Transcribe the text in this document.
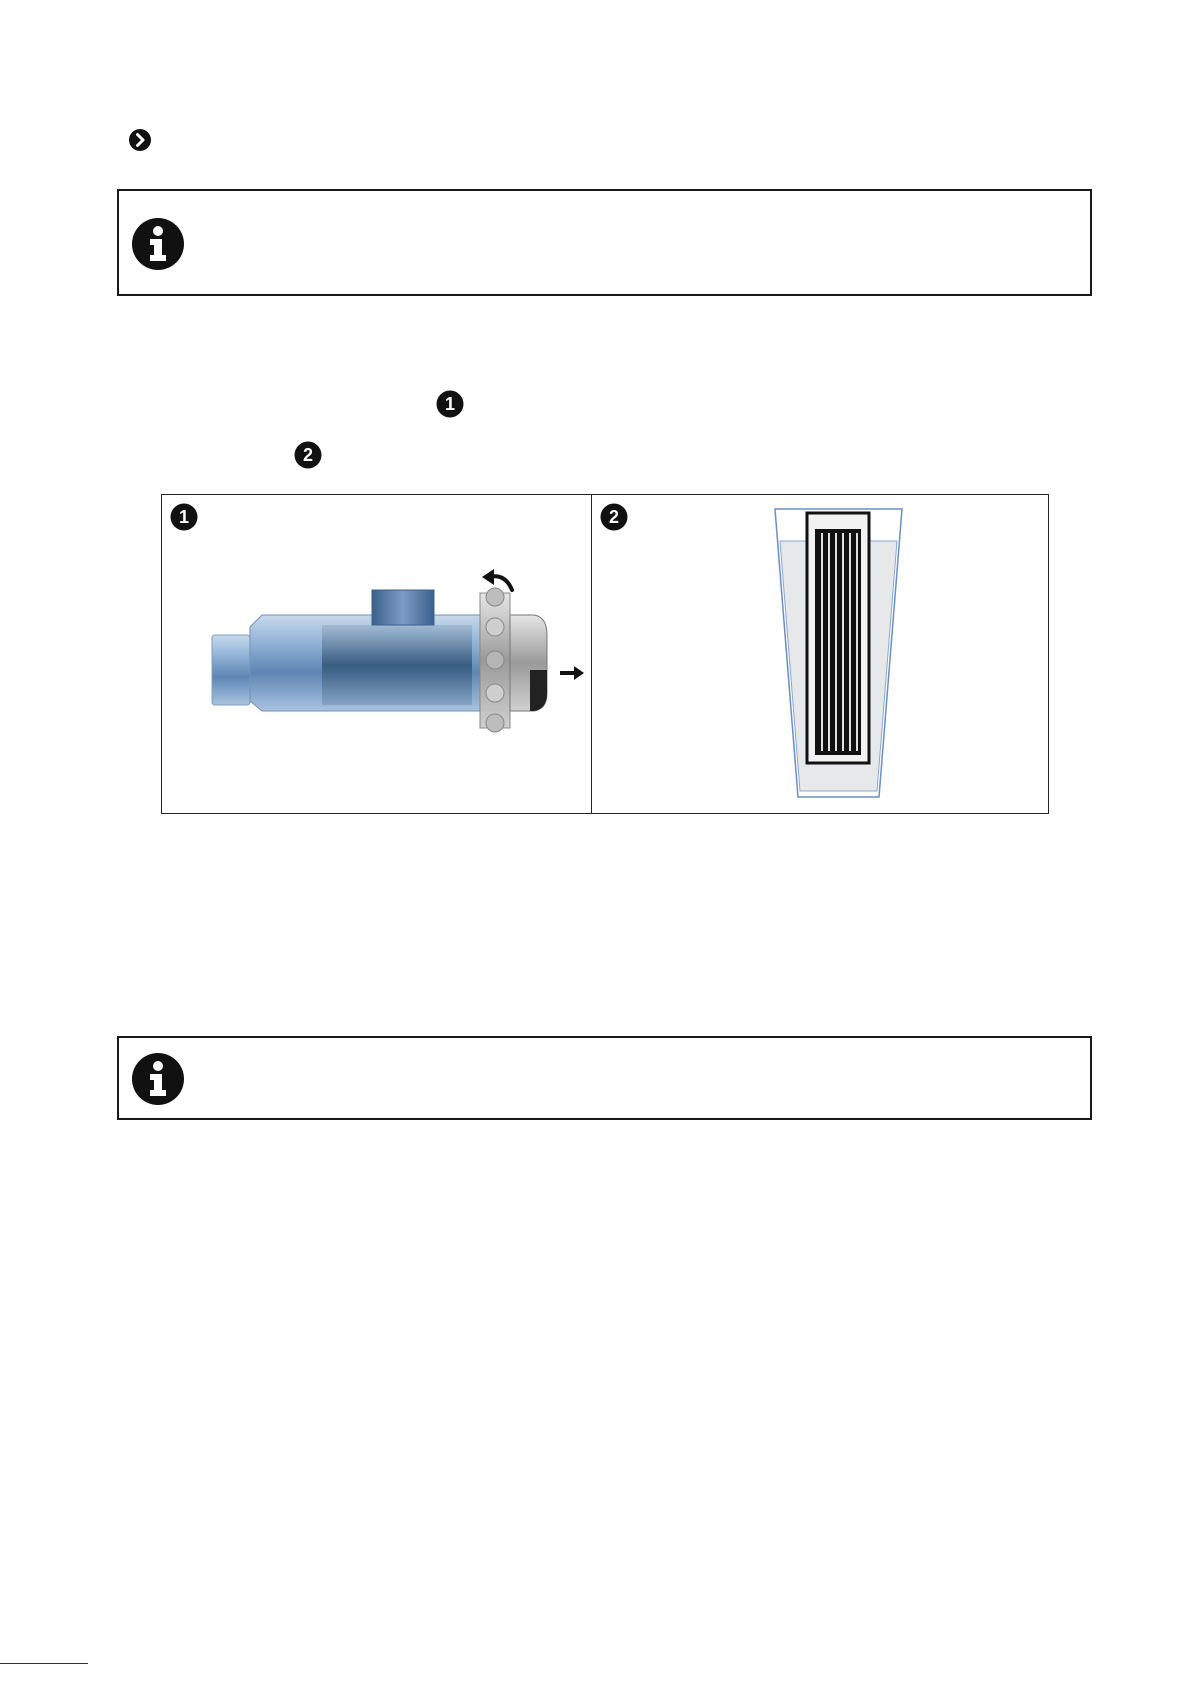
1
2
1	2
